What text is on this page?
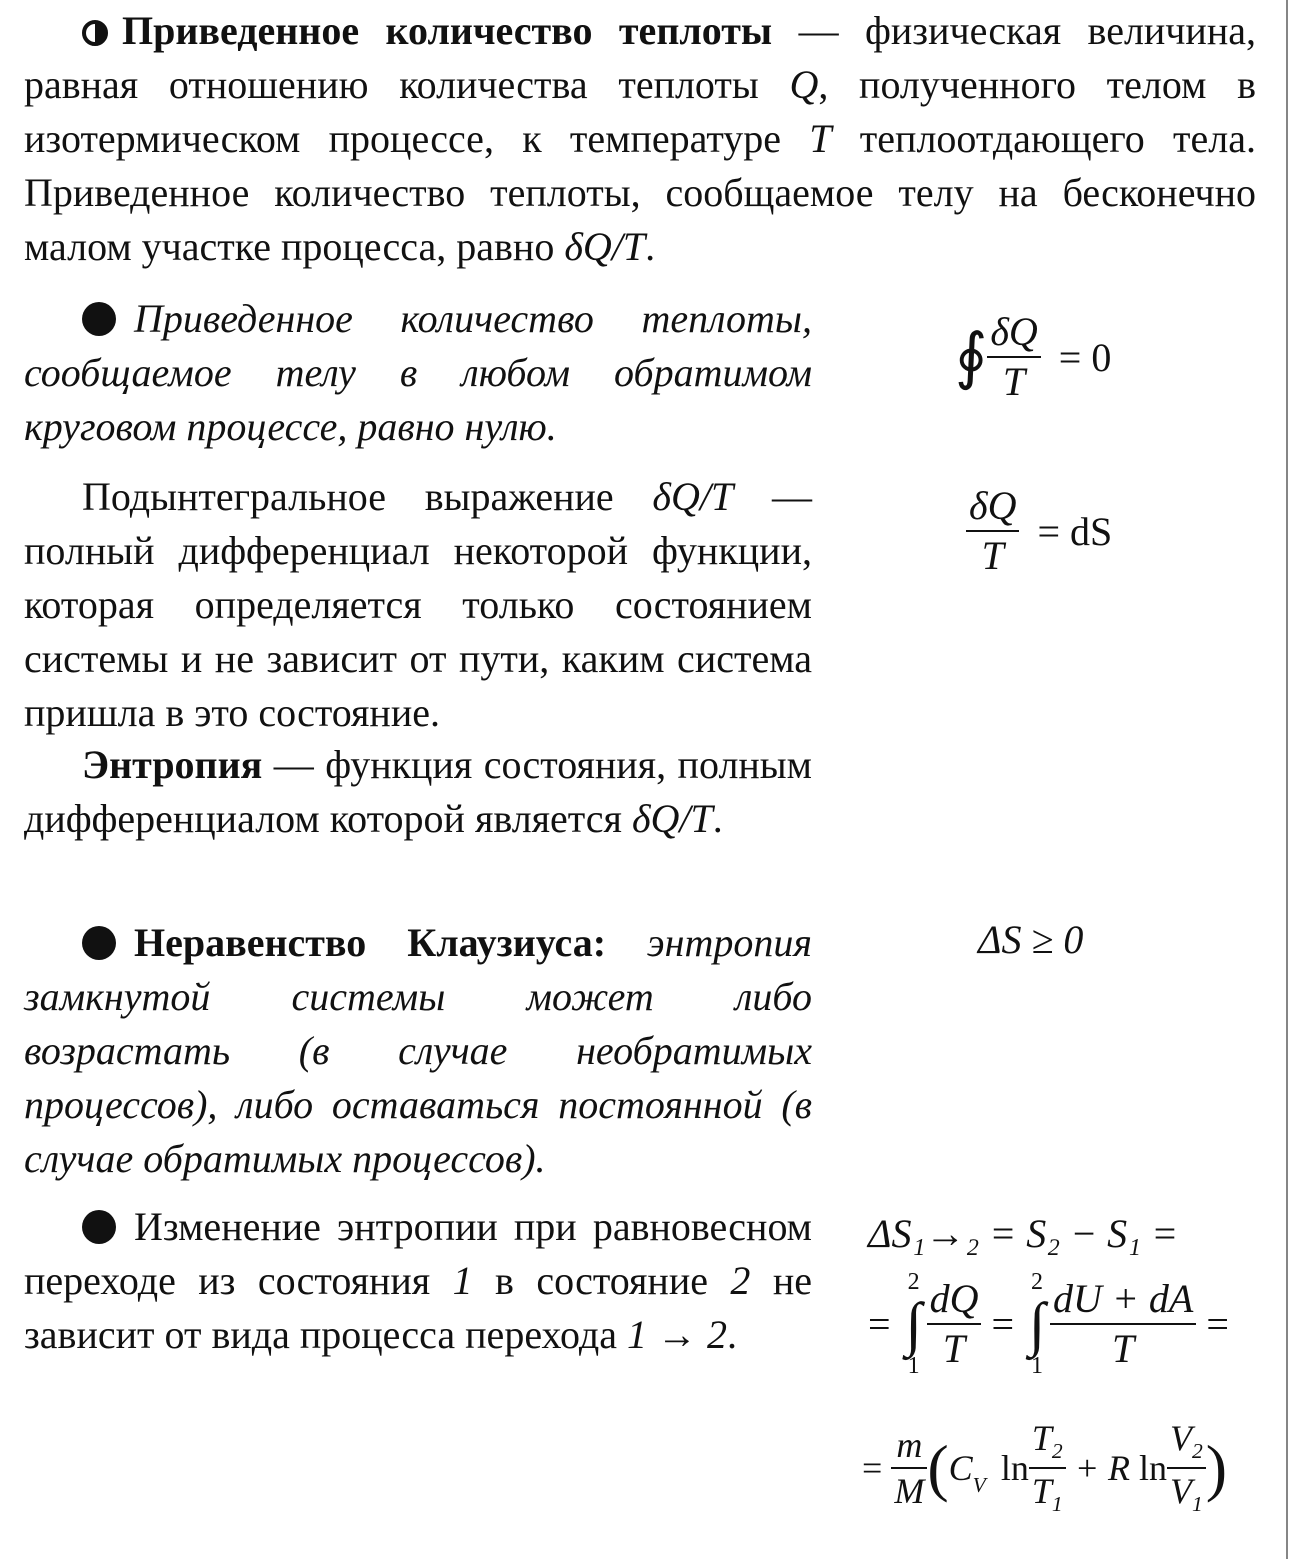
Приведенное количество теплоты — физическая величина, равная отношению количества теплоты Q, полученного телом в изотермическом процессе, к температуре T теплоотдающего тела. Приведенное количество теплоты, сообщаемое телу на бесконечно малом участке процесса, равно δQ/T.
Приведенное количество теплоты, сообщаемое телу в любом обратимом круговом процессе, равно нулю.
∮ $\frac{\delta Q}{T} = 0$
Подынтегральное выражение δQ/T — полный дифференциал некоторой функции, которая определяется только состоянием системы и не зависит от пути, каким система пришла в это состояние.
$\frac{\delta Q}{T}$ = dS
Энтропия — функция состояния, полным дифференциалом которой является δQ/T.
Неравенство Клаузиуса: энтропия замкнутой системы может либо возрастать (в случае необратимых процессов), либо оставаться постоянной (в случае обратимых процессов).
ΔS ≥ 0
Изменение энтропии при равновесном переходе из состояния 1 в состояние 2 не зависит от вида процесса перехода 1 → 2.
ΔS₁→₂ = S₂ − S₁ =
=
2
∫
$1 \frac{dQ}{T}$ =
2
∫
$1 \frac{dU + dA}{T}$ =
= $\frac{m}{M} (C_V$ $\ln \frac{T_2}{T_1} + R$ $\ln \frac{V_2}{V_1}$ )
